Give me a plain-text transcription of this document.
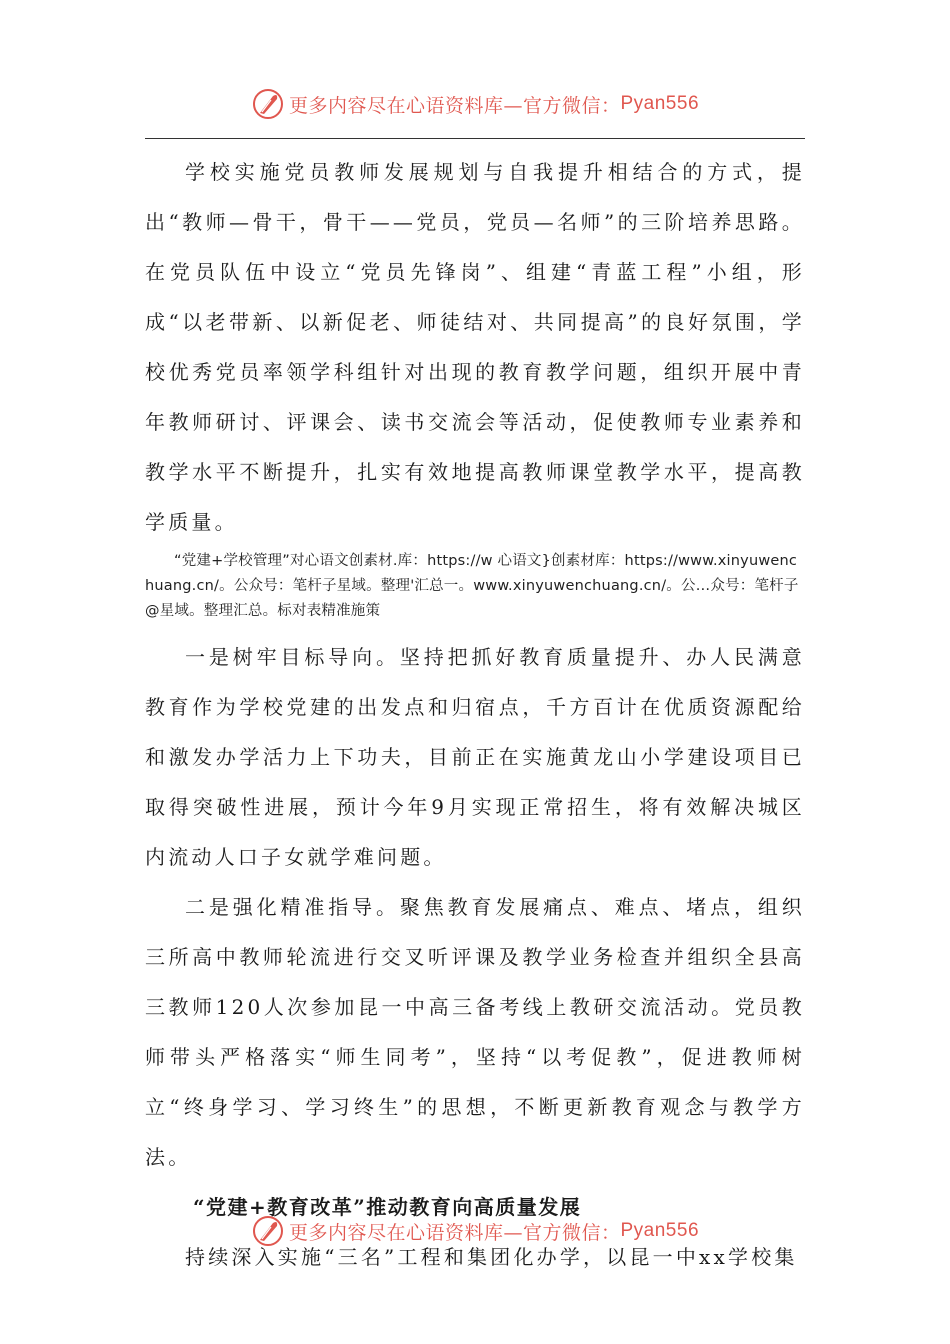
更多内容尽在心语资料库—官方微信： Pyan556

学校实施党员教师发展规划与自我提升相结合的方式，提出“教师—骨干，骨干——党员，党员—名师”的三阶培养思路。在党员队伍中设立“党员先锋岗”、组建“青蓝工程”小组，形成“以老带新、以新促老、师徒结对、共同提高”的良好氛围，学校优秀党员率领学科组针对出现的教育教学问题，组织开展中青年教师研讨、评课会、读书交流会等活动，促使教师专业素养和教学水平不断提升，扎实有效地提高教师课堂教学水平，提高教学质量。

“党建+学校管理”对心语文创素材.库：https://w 心语文}创素材库：https://www.xinyuwenchuang.cn/。公众号：笔杆子星域。整理'汇总一。www.xinyuwenchuang.cn/。公…众号：笔杆子@星域。整理汇总。标对表精准施策

一是树牢目标导向。坚持把抓好教育质量提升、办人民满意教育作为学校党建的出发点和归宿点，千方百计在优质资源配给和激发办学活力上下功夫，目前正在实施黄龙山小学建设项目已取得突破性进展，预计今年9月实现正常招生，将有效解决城区内流动人口子女就学难问题。

二是强化精准指导。聚焦教育发展痛点、难点、堵点，组织三所高中教师轮流进行交叉听评课及教学业务检查并组织全县高三教师120人次参加昆一中高三备考线上教研交流活动。党员教师带头严格落实“师生同考”，坚持“以考促教”，促进教师树立“终身学习、学习终生”的思想，不断更新教育观念与教学方法。

“党建+教育改革”推动教育向高质量发展

持续深入实施“三名”工程和集团化办学，以昆一中xx学校集

更多内容尽在心语资料库—官方微信： Pyan556
